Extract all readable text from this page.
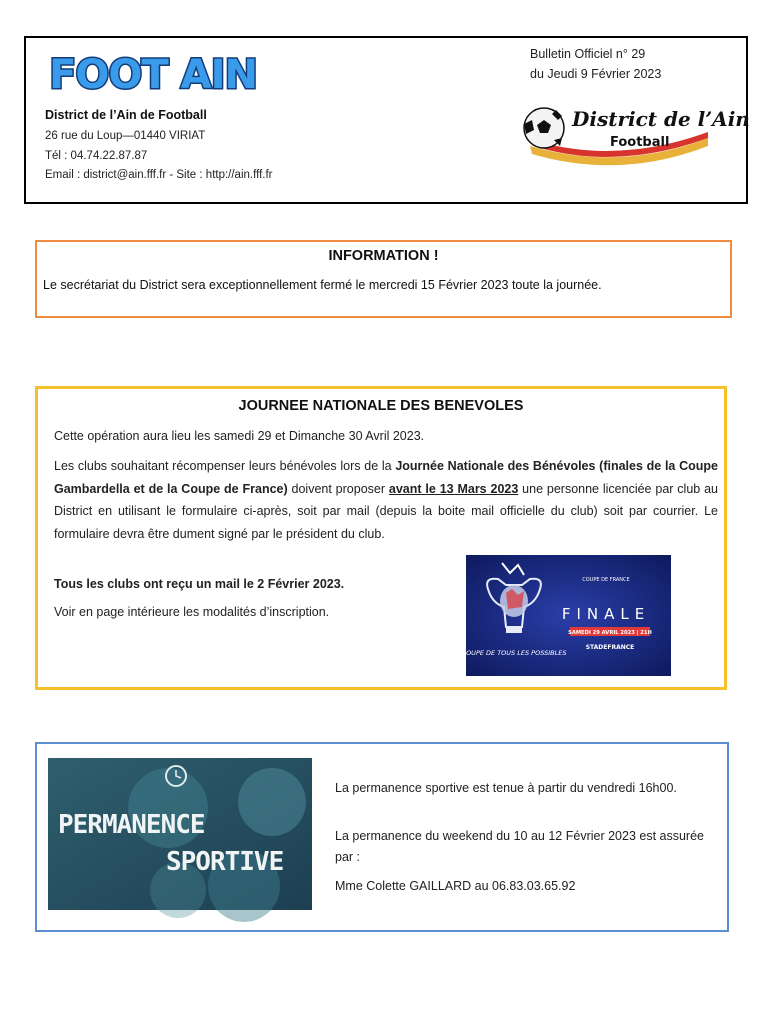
FOOT AIN
District de l’Ain de Football
26 rue du Loup—01440 VIRIAT
Tél : 04.74.22.87.87
Email : district@ain.fff.fr - Site : http://ain.fff.fr
Bulletin Officiel n° 29
du Jeudi 9 Février 2023
District de l’Ain
Football
INFORMATION !

Le secrétariat du District sera exceptionnellement fermé le mercredi 15 Février 2023 toute la journée.

JOURNEE NATIONALE DES BENEVOLES

Cette opération aura lieu les samedi 29 et Dimanche 30 Avril 2023.

Les clubs souhaitant récompenser leurs bénévoles lors de la Journée Nationale des Bénévoles (finales de la Coupe Gambardella et de la Coupe de France) doivent proposer avant le 13 Mars 2023 une personne licenciée par club au District en utilisant le formulaire ci-après, soit par mail (depuis la boite mail officielle du club) soit par courrier. Le formulaire devra être dument signé par le président du club.

Tous les clubs ont reçu un mail le 2 Février 2023.

Voir en page intérieure les modalités d’inscription.

COUPE DE TOUS LES POSSIBLES
COUPE DE FRANCE
FINALE
SAMEDI 29 AVRIL 2023 | 21H
STADEFRANCE
PERMANENCE
SPORTIVE

La permanence sportive est tenue à partir du vendredi 16h00.

La permanence du weekend du 10 au 12 Février 2023 est assurée par :

Mme Colette GAILLARD au 06.83.03.65.92
